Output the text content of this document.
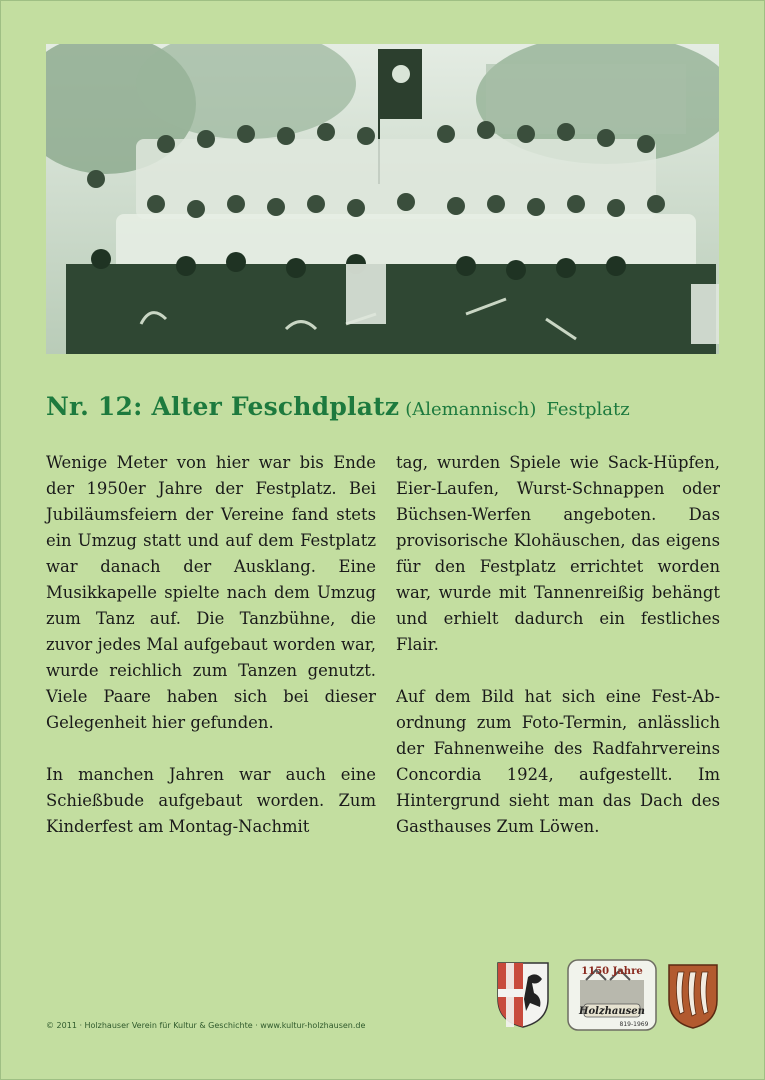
Nr. 12: Alter Feschdplatz (Alemannisch) Festplatz

Wenige Meter von hier war bis Ende der 1950er Jahre der Festplatz. Bei Jubiläumsfeiern der Vereine fand stets ein Umzug statt und auf dem Festplatz war danach der Ausklang. Eine Musikkapelle spielte nach dem Umzug zum Tanz auf. Die Tanzbühne, die zuvor jedes Mal aufgebaut worden war, wurde reichlich zum Tanzen genutzt. Viele Paare haben sich bei dieser Gelegenheit hier gefunden.

In manchen Jahren war auch eine Schießbude aufgebaut worden. Zum Kinderfest am Montag-Nachmit

tag, wurden Spiele wie Sack-Hüpfen, Eier-Laufen, Wurst-Schnappen oder Büchsen-Werfen angeboten. Das provisorische Klohäuschen, das eigens für den Festplatz errichtet worden war, wurde mit Tannenreißig behängt und erhielt dadurch ein festliches Flair.

Auf dem Bild hat sich eine Fest-Abordnung zum Foto-Termin, anlässlich der Fahnenweihe des Radfahrvereins Concordia 1924, aufgestellt. Im Hintergrund sieht man das Dach des Gasthauses Zum Löwen.

© 2011 · Holzhauser Verein für Kultur & Geschichte · www.kultur-holzhausen.de
1150 Jahre
Holzhausen
819-1969
